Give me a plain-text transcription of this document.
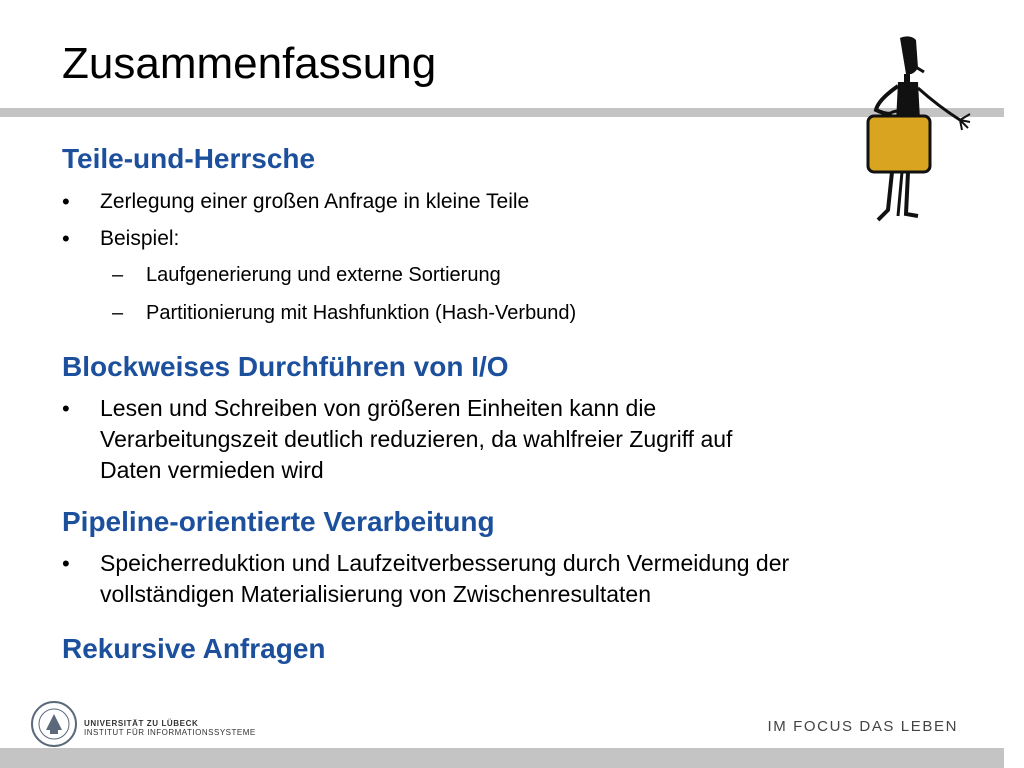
Zusammenfassung
Teile-und-Herrsche
• Zerlegung einer großen Anfrage in kleine Teile
• Beispiel:
– Laufgenerierung und externe Sortierung
– Partitionierung mit Hashfunktion (Hash-Verbund)
Blockweises Durchführen von I/O
• Lesen und Schreiben von größeren Einheiten kann die
Verarbeitungszeit deutlich reduzieren, da wahlfreier Zugriff auf
Daten vermieden wird
Pipeline-orientierte Verarbeitung
• Speicherreduktion und Laufzeitverbesserung durch Vermeidung der
vollständigen Materialisierung von Zwischenresultaten
Rekursive Anfragen
UNIVERSITÄT ZU LÜBECK
INSTITUT FÜR INFORMATIONSSYSTEME	IM FOCUS DAS LEBEN
